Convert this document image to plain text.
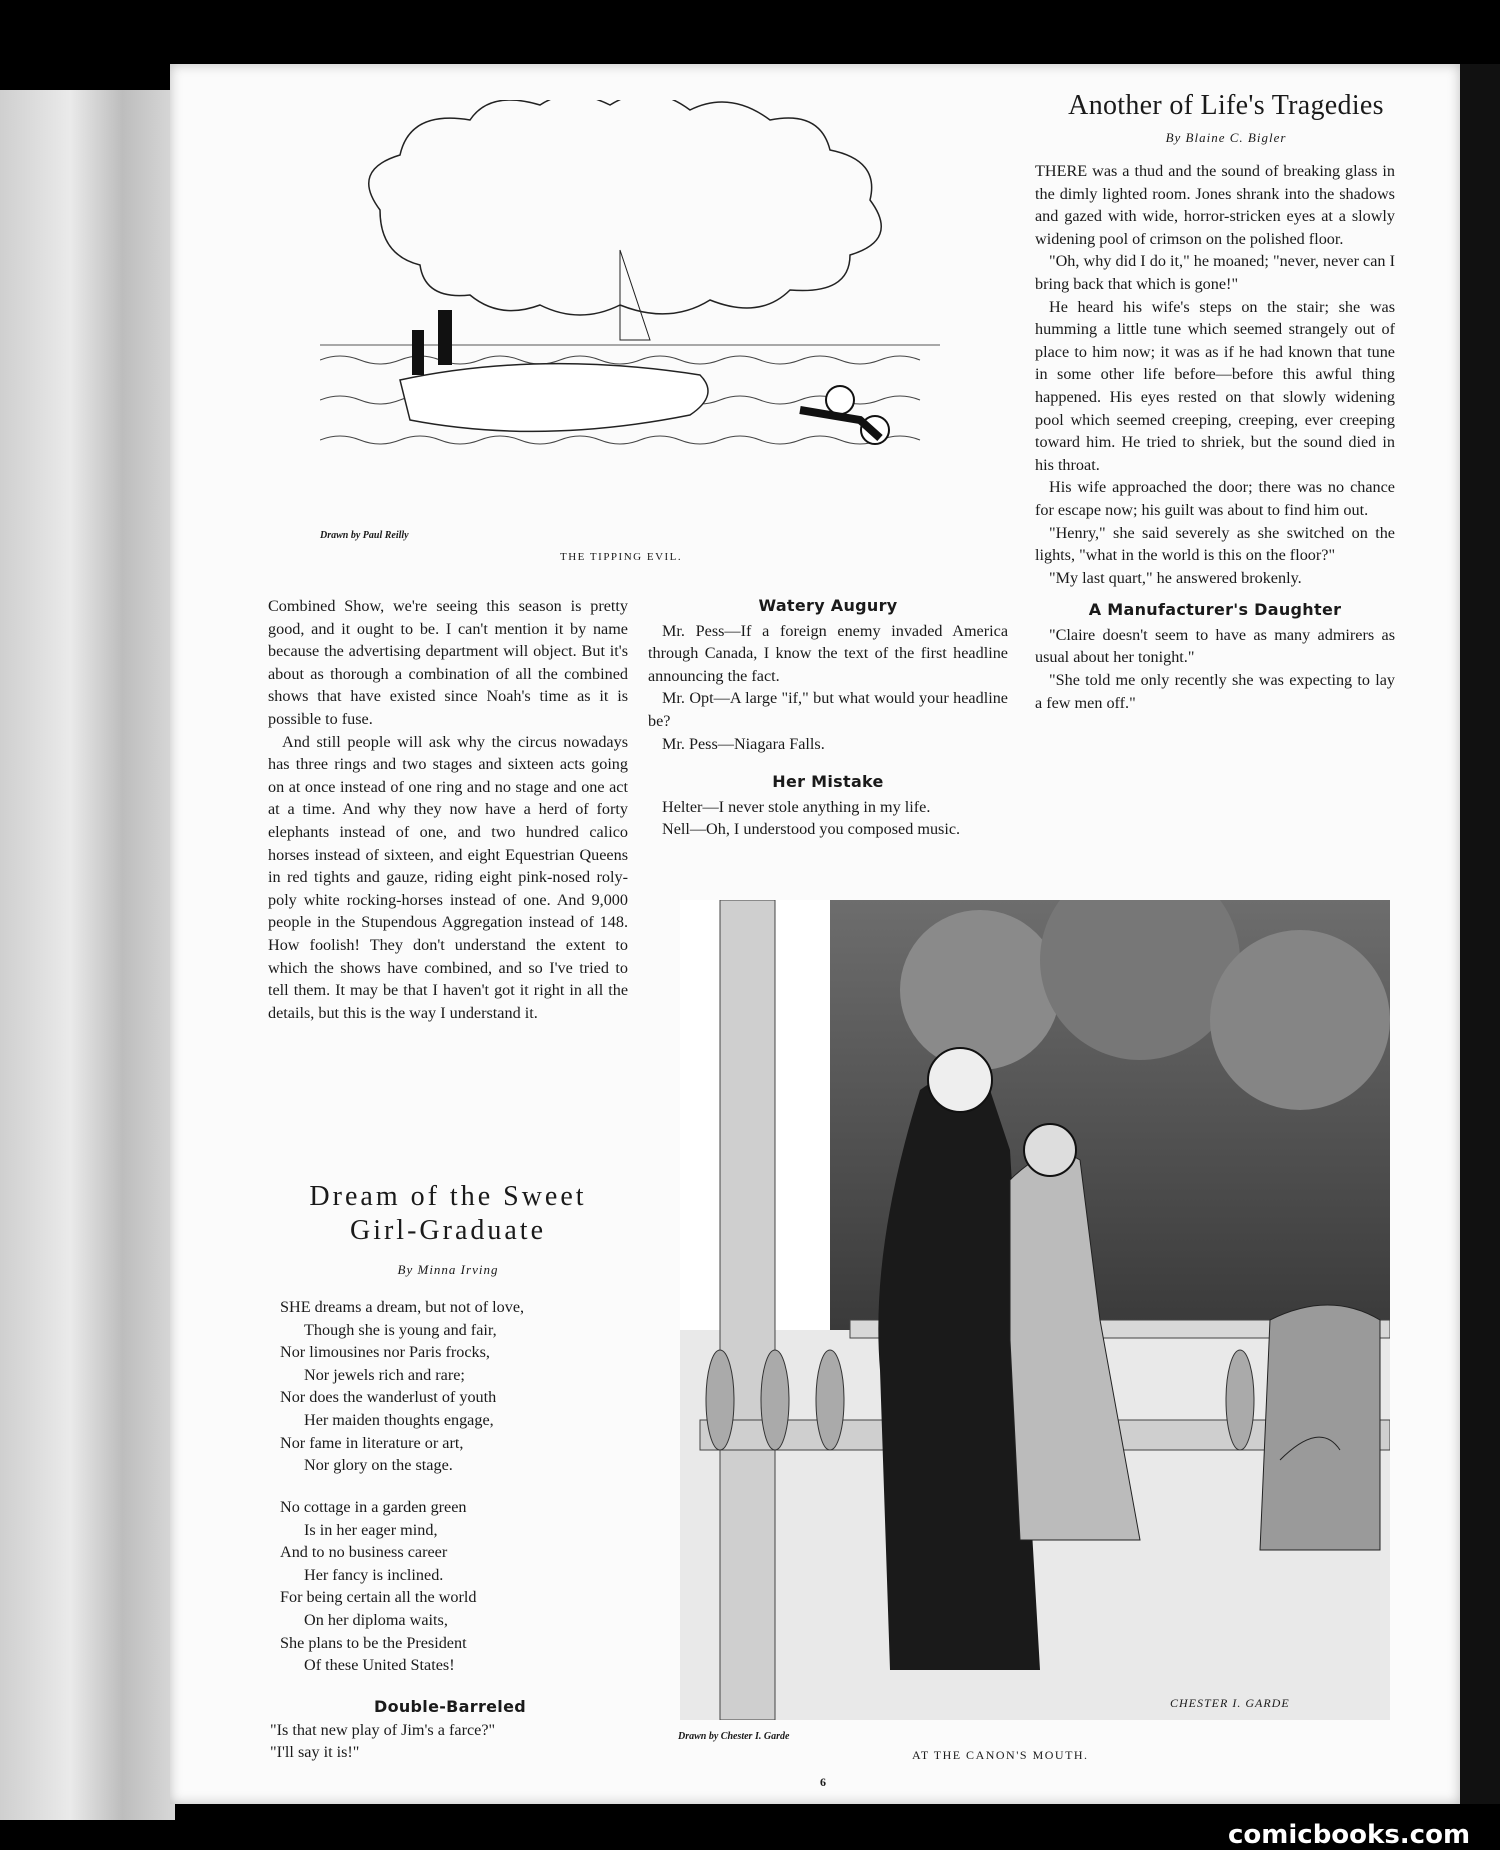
Drawn by Paul Reilly
THE TIPPING EVIL.
Another of Life's Tragedies
By Blaine C. Bigler

THERE was a thud and the sound of breaking glass in the dimly lighted room. Jones shrank into the shadows and gazed with wide, horror-stricken eyes at a slowly widening pool of crimson on the polished floor.

"Oh, why did I do it," he moaned; "never, never can I bring back that which is gone!"

He heard his wife's steps on the stair; she was humming a little tune which seemed strangely out of place to him now; it was as if he had known that tune in some other life before—before this awful thing happened. His eyes rested on that slowly widening pool which seemed creeping, creeping, ever creeping toward him. He tried to shriek, but the sound died in his throat.

His wife approached the door; there was no chance for escape now; his guilt was about to find him out.

"Henry," she said severely as she switched on the lights, "what in the world is this on the floor?"

"My last quart," he answered brokenly.

A Manufacturer's Daughter

"Claire doesn't seem to have as many admirers as usual about her tonight."

"She told me only recently she was expecting to lay a few men off."

Combined Show, we're seeing this season is pretty good, and it ought to be. I can't mention it by name because the advertising department will object. But it's about as thorough a combination of all the combined shows that have existed since Noah's time as it is possible to fuse.

And still people will ask why the circus nowadays has three rings and two stages and sixteen acts going on at once instead of one ring and no stage and one act at a time. And why they now have a herd of forty elephants instead of one, and two hundred calico horses instead of sixteen, and eight Equestrian Queens in red tights and gauze, riding eight pink-nosed roly-poly white rocking-horses instead of one. And 9,000 people in the Stupendous Aggregation instead of 148. How foolish! They don't understand the extent to which the shows have combined, and so I've tried to tell them. It may be that I haven't got it right in all the details, but this is the way I understand it.

Watery Augury

Mr. Pess—If a foreign enemy invaded America through Canada, I know the text of the first headline announcing the fact.

Mr. Opt—A large "if," but what would your headline be?

Mr. Pess—Niagara Falls.

Her Mistake

Helter—I never stole anything in my life.

Nell—Oh, I understood you composed music.

Dream of the Sweet
Girl-Graduate
By Minna Irving
SHE dreams a dream, but not of love,
Though she is young and fair,
Nor limousines nor Paris frocks,
Nor jewels rich and rare;
Nor does the wanderlust of youth
Her maiden thoughts engage,
Nor fame in literature or art,
Nor glory on the stage.
No cottage in a garden green
Is in her eager mind,
And to no business career
Her fancy is inclined.
For being certain all the world
On her diploma waits,
She plans to be the President
Of these United States!
Double-Barreled
"Is that new play of Jim's a farce?"
"I'll say it is!"
CHESTER I. GARDE
Drawn by Chester I. Garde
AT THE CANON'S MOUTH.
6
comicbooks.com
